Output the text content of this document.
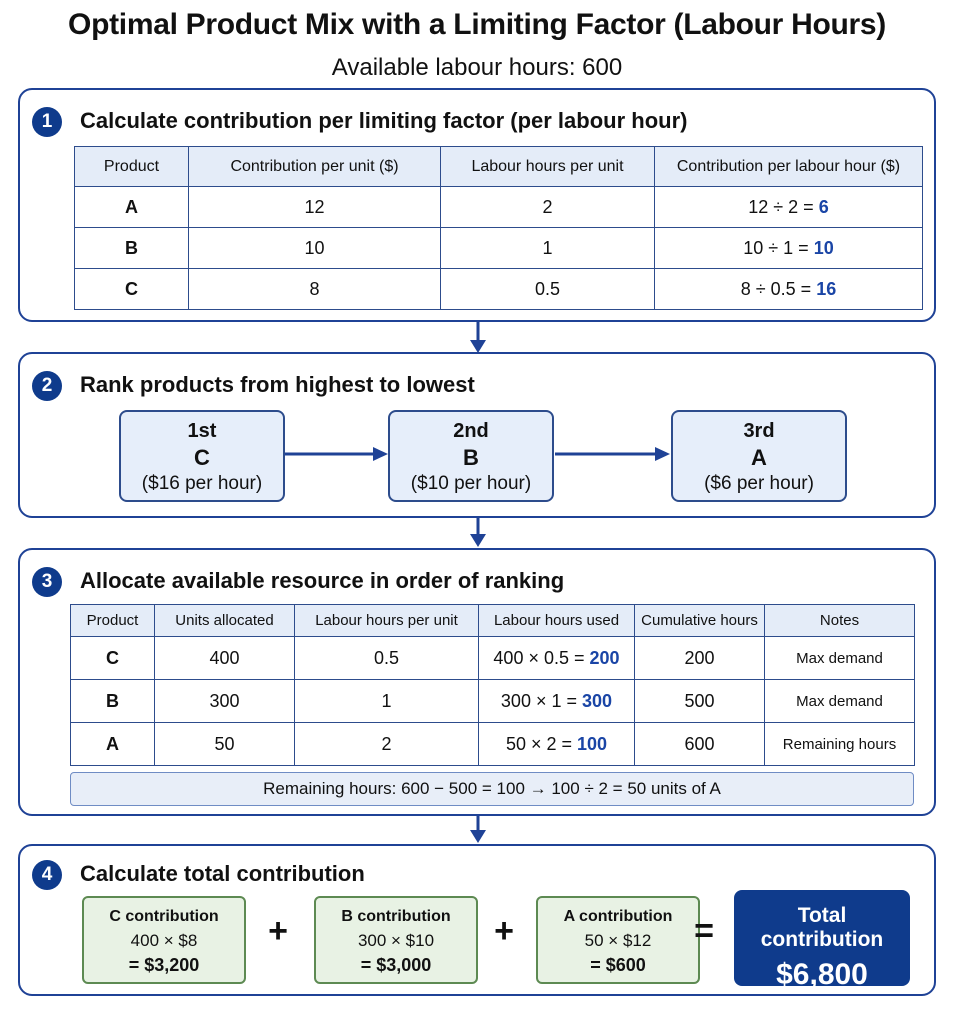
Optimal Product Mix with a Limiting Factor (Labour Hours)
Available labour hours: 600
1	Calculate contribution per limiting factor (per labour hour)
Product	Contribution per unit ($)	Labour hours per unit	Contribution per labour hour ($)
A	12	2	12 ÷ 2 = 6
B	10	1	10 ÷ 1 = 10
C	8	0.5	8 ÷ 0.5 = 16
2	Rank products from highest to lowest
1st
C
($16 per hour)
2nd
B
($10 per hour)
3rd
A
($6 per hour)
3	Allocate available resource in order of ranking
Product	Units allocated	Labour hours per unit	Labour hours used	Cumulative hours	Notes
C	400	0.5	400 × 0.5 = 200	200	Max demand
B	300	1	300 × 1 = 300	500	Max demand
A	50	2	50 × 2 = 100	600	Remaining hours
Remaining hours: 600 − 500 = 100 → 100 ÷ 2 = 50 units of A
4	Calculate total contribution
C contribution
400 × $8
= $3,200
+	B contribution
300 × $10
= $3,000
+	A contribution
50 × $12
= $600
=	Total contribution
$6,800
